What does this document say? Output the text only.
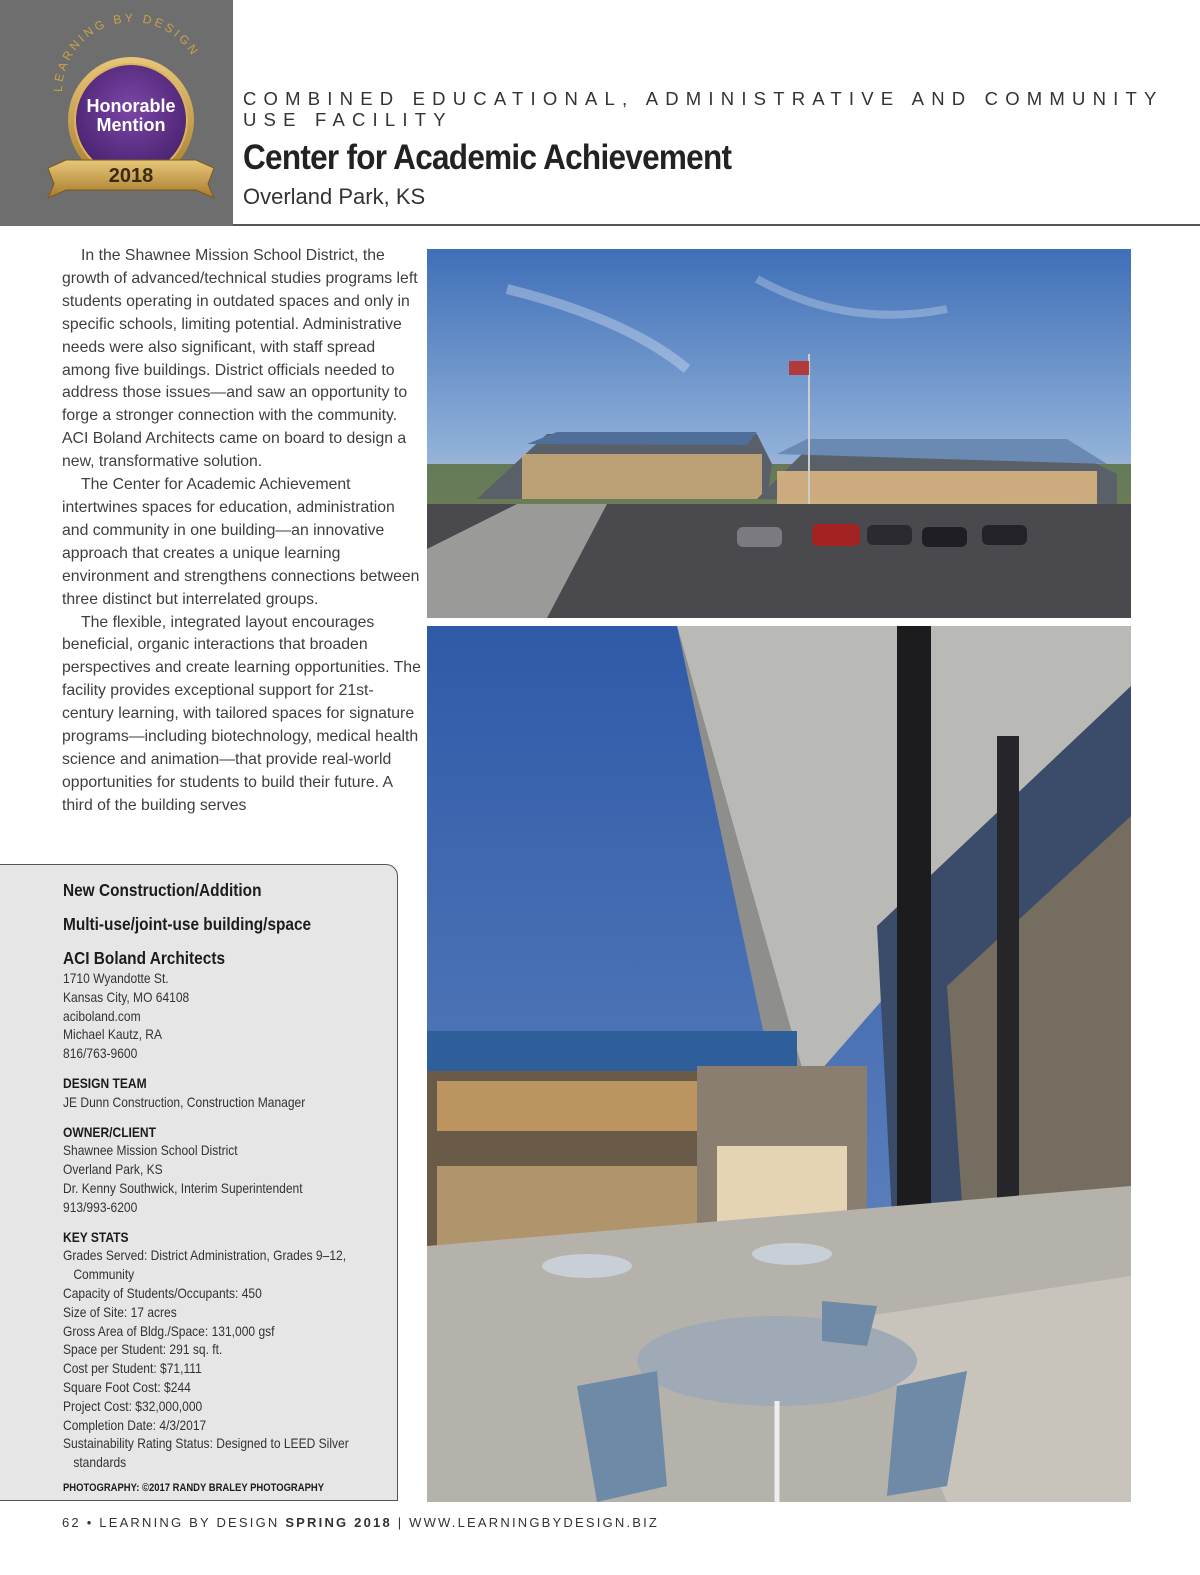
LEARNING BY DESIGN
Honorable
Mention
2018
COMBINED EDUCATIONAL, ADMINISTRATIVE AND COMMUNITY USE FACILITY
Center for Academic Achievement
Overland Park, KS

In the Shawnee Mission School District, the growth of advanced/technical studies programs left students operating in outdated spaces and only in specific schools, limiting potential. Administrative needs were also significant, with staff spread among five buildings. District officials needed to address those issues—and saw an opportunity to forge a stronger connection with the community. ACI Boland Architects came on board to design a new, transformative solution.

The Center for Academic Achievement intertwines spaces for education, administration and community in one building—an innovative approach that creates a unique learning environment and strengthens connections between three distinct but interrelated groups.

The flexible, integrated layout encourages beneficial, organic interactions that broaden perspectives and create learning opportunities. The facility provides exceptional support for 21st-century learning, with tailored spaces for signature programs—including biotechnology, medical health science and animation—that provide real-world opportunities for students to build their future. A third of the building serves

New Construction/Addition
Multi-use/joint-use building/space
ACI Boland Architects
1710 Wyandotte St.
Kansas City, MO 64108
aciboland.com
Michael Kautz, RA
816/763-9600
DESIGN TEAM
JE Dunn Construction, Construction Manager
OWNER/CLIENT
Shawnee Mission School District
Overland Park, KS
Dr. Kenny Southwick, Interim Superintendent
913/993-6200
KEY STATS
Grades Served: District Administration, Grades 9–12,
Community
Capacity of Students/Occupants: 450
Size of Site: 17 acres
Gross Area of Bldg./Space: 131,000 gsf
Space per Student: 291 sq. ft.
Cost per Student: $71,111
Square Foot Cost: $244
Project Cost: $32,000,000
Completion Date: 4/3/2017
Sustainability Rating Status: Designed to LEED Silver
standards
PHOTOGRAPHY: ©2017 RANDY BRALEY PHOTOGRAPHY
62 • LEARNING BY DESIGN SPRING 2018 | WWW.LEARNINGBYDESIGN.BIZ
